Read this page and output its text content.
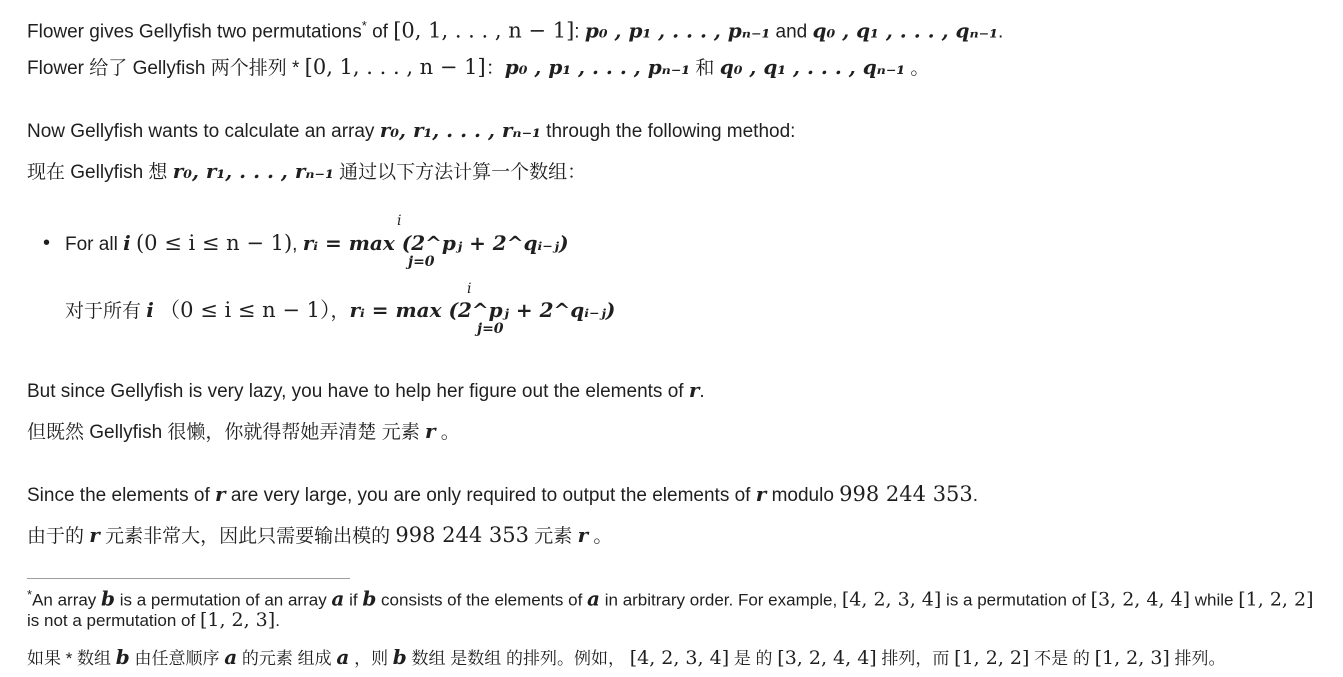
Flower gives Gellyfish two permutations* of [0, 1, . . . , n − 1]: p₀ , p₁ , . . . , pₙ₋₁ and q₀ , q₁ , . . . , qₙ₋₁.
Flower 给了 Gellyfish 两个排列 * [0, 1, . . . , n − 1]：p₀ , p₁ , . . . , pₙ₋₁ 和 q₀ , q₁ , . . . , qₙ₋₁ 。
Now Gellyfish wants to calculate an array r₀, r₁, . . . , rₙ₋₁ through the following method:
现在 Gellyfish 想 r₀, r₁, . . . , rₙ₋₁ 通过以下方法计算一个数组：
• For all i (0 ≤ i ≤ n − 1), rᵢ = max (2^pⱼ + 2^qᵢ₋ⱼ)
i
j=0
对于所有 i （0 ≤ i ≤ n − 1），rᵢ = max (2^pⱼ + 2^qᵢ₋ⱼ)
i
j=0
But since Gellyfish is very lazy, you have to help her figure out the elements of r.
但既然 Gellyfish 很懒，你就得帮她弄清楚 元素 r 。
Since the elements of r are very large, you are only required to output the elements of r modulo 998 244 353.
由于的 r 元素非常大，因此只需要输出模的 998 244 353 元素 r 。
*An array b is a permutation of an array a if b consists of the elements of a in arbitrary order. For example, [4, 2, 3, 4] is a permutation of [3, 2, 4, 4] while [1, 2, 2]
is not a permutation of [1, 2, 3].
如果 * 数组 b 由任意顺序 a 的元素 组成 a ，则 b 数组 是数组 的排列。例如， [4, 2, 3, 4] 是 的 [3, 2, 4, 4] 排列，而 [1, 2, 2] 不是 的 [1, 2, 3] 排列。
